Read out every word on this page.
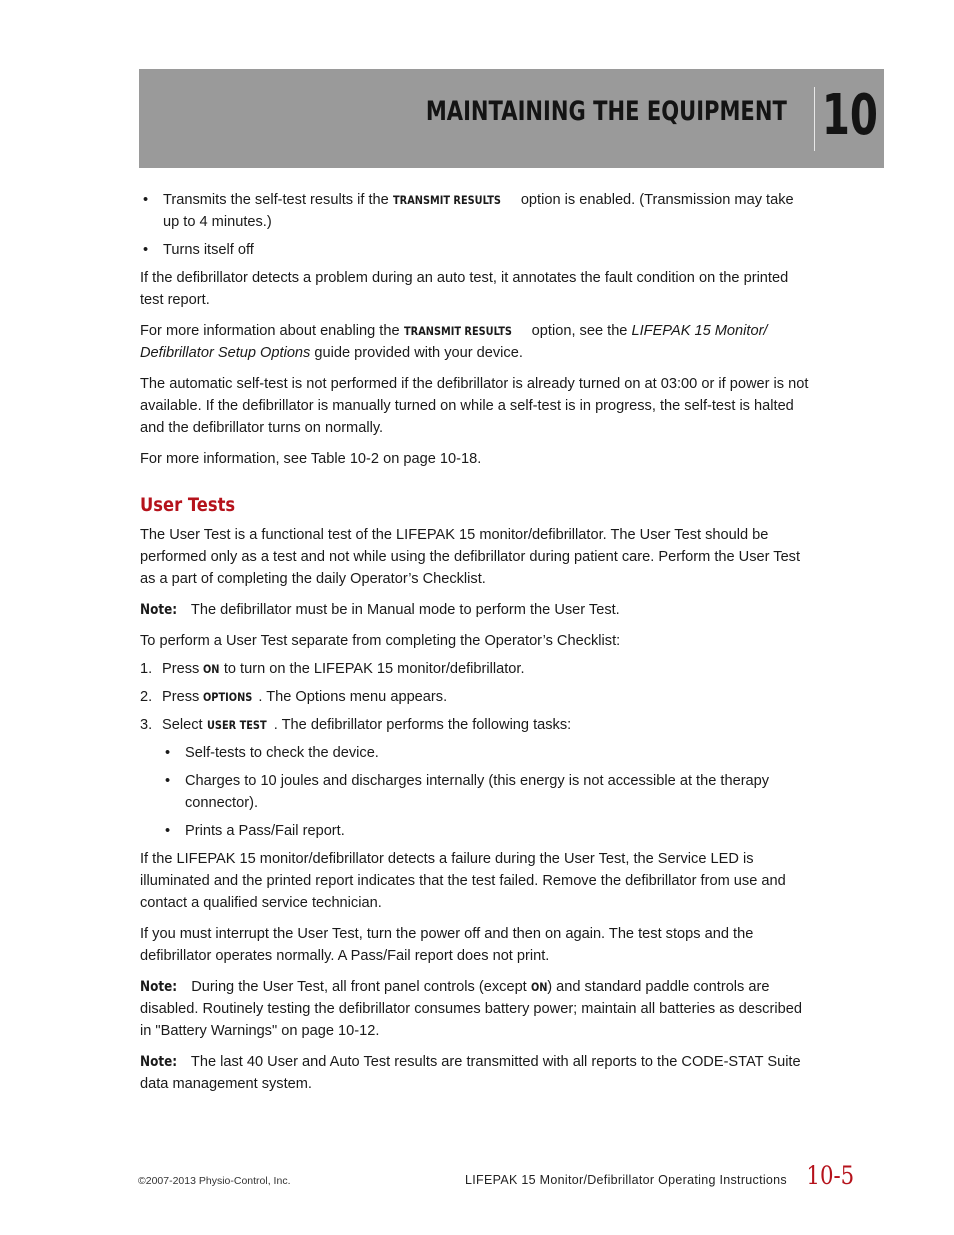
MAINTAINING THE EQUIPMENT 10
• Transmits the self-test results if the TRANSMIT RESULTS option is enabled. (Transmission may take up to 4 minutes.)
• Turns itself off

If the defibrillator detects a problem during an auto test, it annotates the fault condition on the printed test report.

For more information about enabling the TRANSMIT RESULTS option, see the LIFEPAK 15 Monitor/ Defibrillator Setup Options guide provided with your device.

The automatic self-test is not performed if the defibrillator is already turned on at 03:00 or if power is not available. If the defibrillator is manually turned on while a self-test is in progress, the self-test is halted and the defibrillator turns on normally.

For more information, see Table 10-2 on page 10-18.

User Tests

The User Test is a functional test of the LIFEPAK 15 monitor/defibrillator. The User Test should be performed only as a test and not while using the defibrillator during patient care. Perform the User Test as a part of completing the daily Operator’s Checklist.

Note: The defibrillator must be in Manual mode to perform the User Test.

To perform a User Test separate from completing the Operator’s Checklist:

1. Press ON to turn on the LIFEPAK 15 monitor/defibrillator.
2. Press OPTIONS . The Options menu appears.
3. Select USER TEST . The defibrillator performs the following tasks:
• Self-tests to check the device.
• Charges to 10 joules and discharges internally (this energy is not accessible at the therapy connector).
• Prints a Pass/Fail report.

If the LIFEPAK 15 monitor/defibrillator detects a failure during the User Test, the Service LED is illuminated and the printed report indicates that the test failed. Remove the defibrillator from use and contact a qualified service technician.

If you must interrupt the User Test, turn the power off and then on again. The test stops and the defibrillator operates normally. A Pass/Fail report does not print.

Note: During the User Test, all front panel controls (except ON) and standard paddle controls are disabled. Routinely testing the defibrillator consumes battery power; maintain all batteries as described in "Battery Warnings" on page 10-12.

Note: The last 40 User and Auto Test results are transmitted with all reports to the CODE-STAT Suite data management system.

©2007-2013 Physio-Control, Inc.	LIFEPAK 15 Monitor/Defibrillator Operating Instructions 10-5
